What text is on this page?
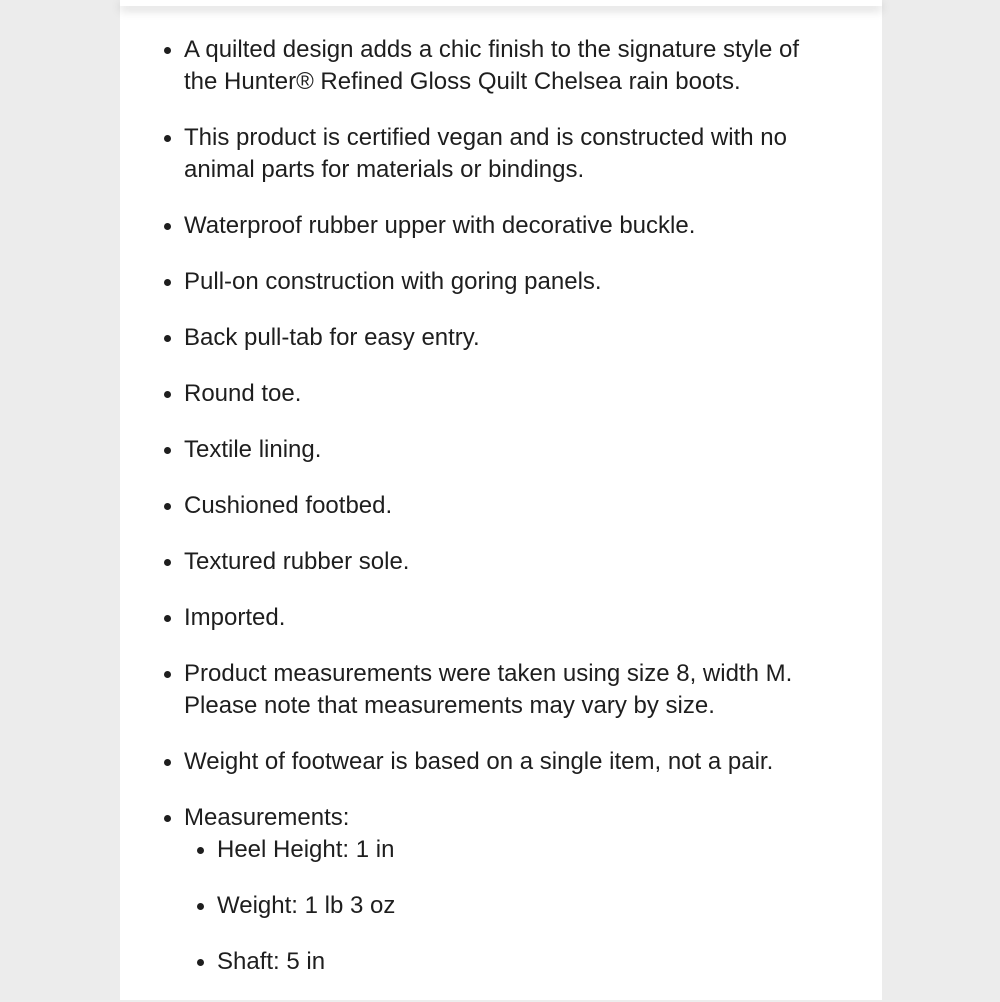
A quilted design adds a chic finish to the signature style of the Hunter® Refined Gloss Quilt Chelsea rain boots.
This product is certified vegan and is constructed with no animal parts for materials or bindings.
Waterproof rubber upper with decorative buckle.
Pull-on construction with goring panels.
Back pull-tab for easy entry.
Round toe.
Textile lining.
Cushioned footbed.
Textured rubber sole.
Imported.
Product measurements were taken using size 8, width M. Please note that measurements may vary by size.
Weight of footwear is based on a single item, not a pair.
Measurements:
Heel Height: 1 in
Weight: 1 lb 3 oz
Shaft: 5 in
